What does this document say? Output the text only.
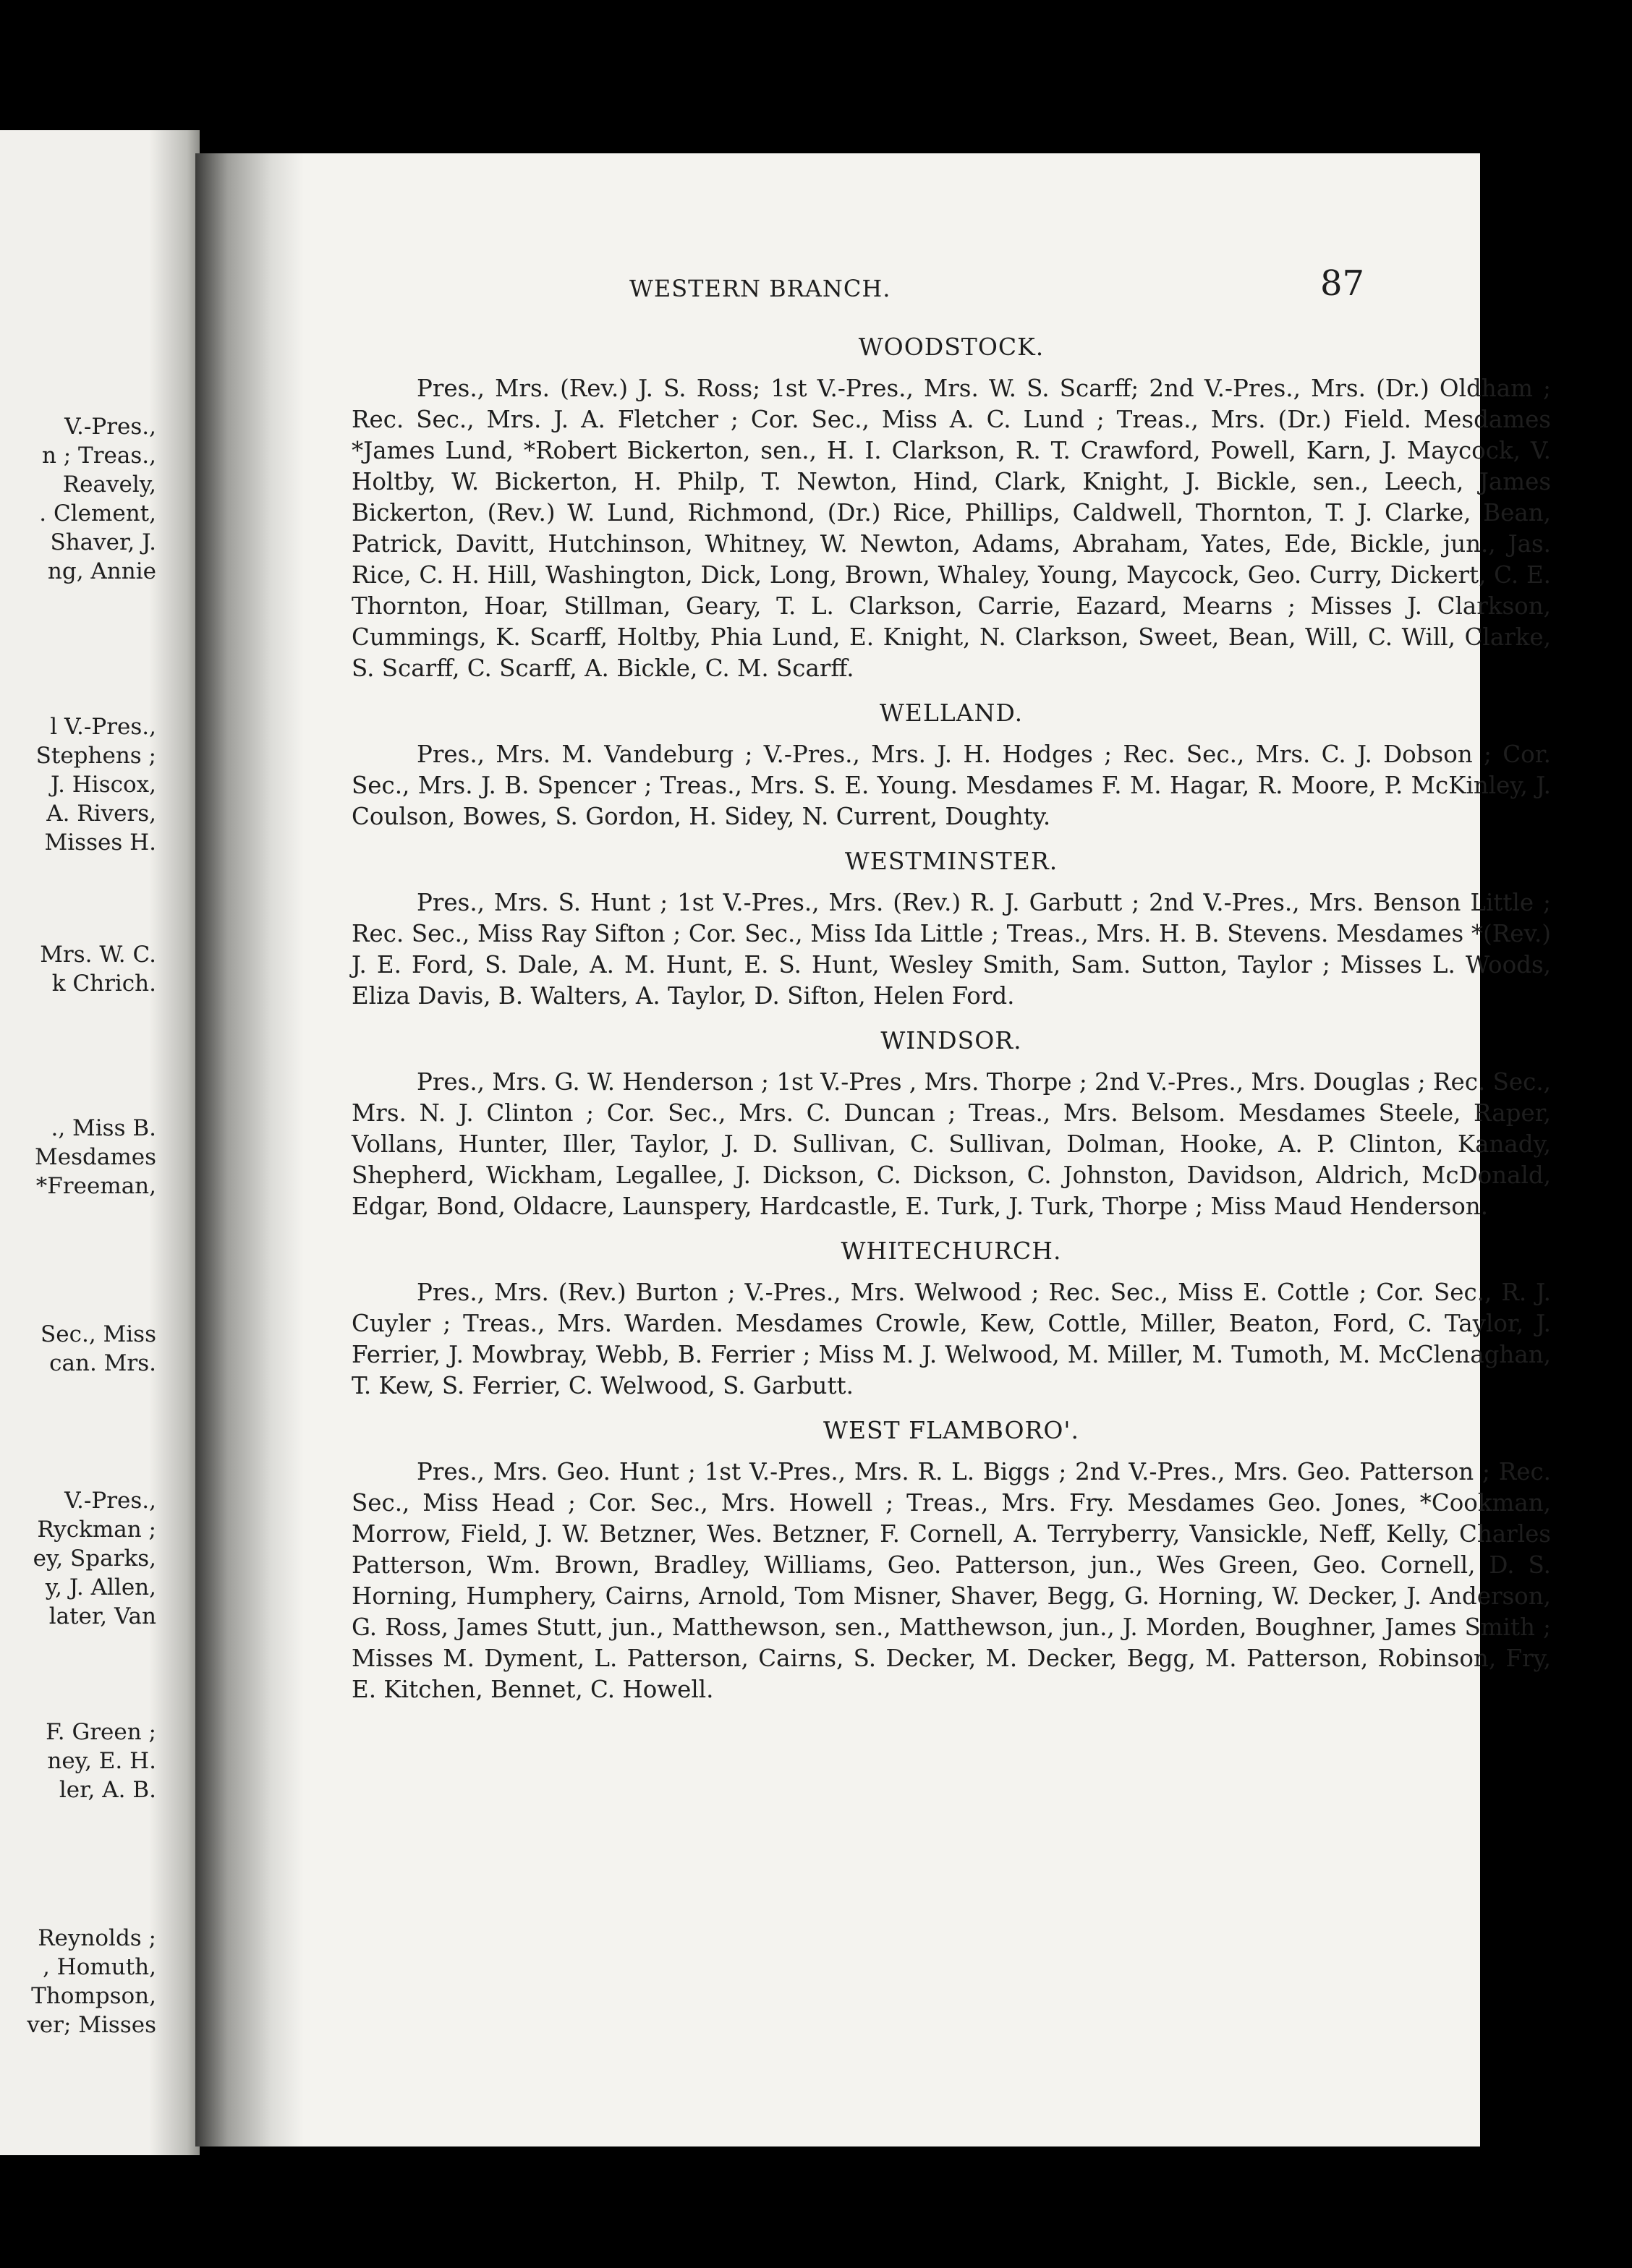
V.-Pres.,
n ; Treas.,
Reavely,
. Clement,
Shaver, J.
ng, Annie
l V.-Pres.,
Stephens ;
J. Hiscox,
A. Rivers,
Misses H.
Mrs. W. C.
k Chrich.
., Miss B.
Mesdames
*Freeman,
Sec., Miss
can. Mrs.
V.-Pres.,
Ryckman ;
ey, Sparks,
y, J. Allen,
later, Van
F. Green ;
ney, E. H.
ler, A. B.
Reynolds ;
, Homuth,
Thompson,
ver; Misses
WESTERN BRANCH.	87
WOODSTOCK.

Pres., Mrs. (Rev.) J. S. Ross; 1st V.-Pres., Mrs. W. S. Scarff; 2nd V.-Pres., Mrs. (Dr.) Oldham ; Rec. Sec., Mrs. J. A. Fletcher ; Cor. Sec., Miss A. C. Lund ; Treas., Mrs. (Dr.) Field. Mesdames *James Lund, *Robert Bickerton, sen., H. I. Clarkson, R. T. Crawford, Powell, Karn, J. Maycock, V. Holtby, W. Bickerton, H. Philp, T. Newton, Hind, Clark, Knight, J. Bickle, sen., Leech, James Bickerton, (Rev.) W. Lund, Richmond, (Dr.) Rice, Phillips, Caldwell, Thornton, T. J. Clarke, Bean, Patrick, Davitt, Hutchinson, Whitney, W. Newton, Adams, Abraham, Yates, Ede, Bickle, jun., Jas. Rice, C. H. Hill, Washington, Dick, Long, Brown, Whaley, Young, Maycock, Geo. Curry, Dickert, C. E. Thornton, Hoar, Stillman, Geary, T. L. Clarkson, Carrie, Eazard, Mearns ; Misses J. Clarkson, Cummings, K. Scarff, Holtby, Phia Lund, E. Knight, N. Clarkson, Sweet, Bean, Will, C. Will, Clarke, S. Scarff, C. Scarff, A. Bickle, C. M. Scarff.

WELLAND.

Pres., Mrs. M. Vandeburg ; V.-Pres., Mrs. J. H. Hodges ; Rec. Sec., Mrs. C. J. Dobson ; Cor. Sec., Mrs. J. B. Spencer ; Treas., Mrs. S. E. Young. Mesdames F. M. Hagar, R. Moore, P. McKinley, J. Coulson, Bowes, S. Gordon, H. Sidey, N. Current, Doughty.

WESTMINSTER.

Pres., Mrs. S. Hunt ; 1st V.-Pres., Mrs. (Rev.) R. J. Garbutt ; 2nd V.-Pres., Mrs. Benson Little ; Rec. Sec., Miss Ray Sifton ; Cor. Sec., Miss Ida Little ; Treas., Mrs. H. B. Stevens. Mesdames *(Rev.) J. E. Ford, S. Dale, A. M. Hunt, E. S. Hunt, Wesley Smith, Sam. Sutton, Taylor ; Misses L. Woods, Eliza Davis, B. Walters, A. Taylor, D. Sifton, Helen Ford.

WINDSOR.

Pres., Mrs. G. W. Henderson ; 1st V.-Pres , Mrs. Thorpe ; 2nd V.-Pres., Mrs. Douglas ; Rec. Sec., Mrs. N. J. Clinton ; Cor. Sec., Mrs. C. Duncan ; Treas., Mrs. Belsom. Mesdames Steele, Raper, Vollans, Hunter, Iller, Taylor, J. D. Sullivan, C. Sullivan, Dolman, Hooke, A. P. Clinton, Kanady, Shepherd, Wickham, Legallee, J. Dickson, C. Dickson, C. Johnston, Davidson, Aldrich, McDonald, Edgar, Bond, Oldacre, Launspery, Hardcastle, E. Turk, J. Turk, Thorpe ; Miss Maud Henderson.

WHITECHURCH.

Pres., Mrs. (Rev.) Burton ; V.-Pres., Mrs. Welwood ; Rec. Sec., Miss E. Cottle ; Cor. Sec., R. J. Cuyler ; Treas., Mrs. Warden. Mesdames Crowle, Kew, Cottle, Miller, Beaton, Ford, C. Taylor, J. Ferrier, J. Mowbray, Webb, B. Ferrier ; Miss M. J. Welwood, M. Miller, M. Tumoth, M. McClenaghan, T. Kew, S. Ferrier, C. Welwood, S. Garbutt.

WEST FLAMBORO'.

Pres., Mrs. Geo. Hunt ; 1st V.-Pres., Mrs. R. L. Biggs ; 2nd V.-Pres., Mrs. Geo. Patterson ; Rec. Sec., Miss Head ; Cor. Sec., Mrs. Howell ; Treas., Mrs. Fry. Mesdames Geo. Jones, *Cookman, Morrow, Field, J. W. Betzner, Wes. Betzner, F. Cornell, A. Terryberry, Vansickle, Neff, Kelly, Charles Patterson, Wm. Brown, Bradley, Williams, Geo. Patterson, jun., Wes Green, Geo. Cornell, D. S. Horning, Humphery, Cairns, Arnold, Tom Misner, Shaver, Begg, G. Horning, W. Decker, J. Anderson, G. Ross, James Stutt, jun., Matthewson, sen., Matthewson, jun., J. Morden, Boughner, James Smith ; Misses M. Dyment, L. Patterson, Cairns, S. Decker, M. Decker, Begg, M. Patterson, Robinson, Fry, E. Kitchen, Bennet, C. Howell.
